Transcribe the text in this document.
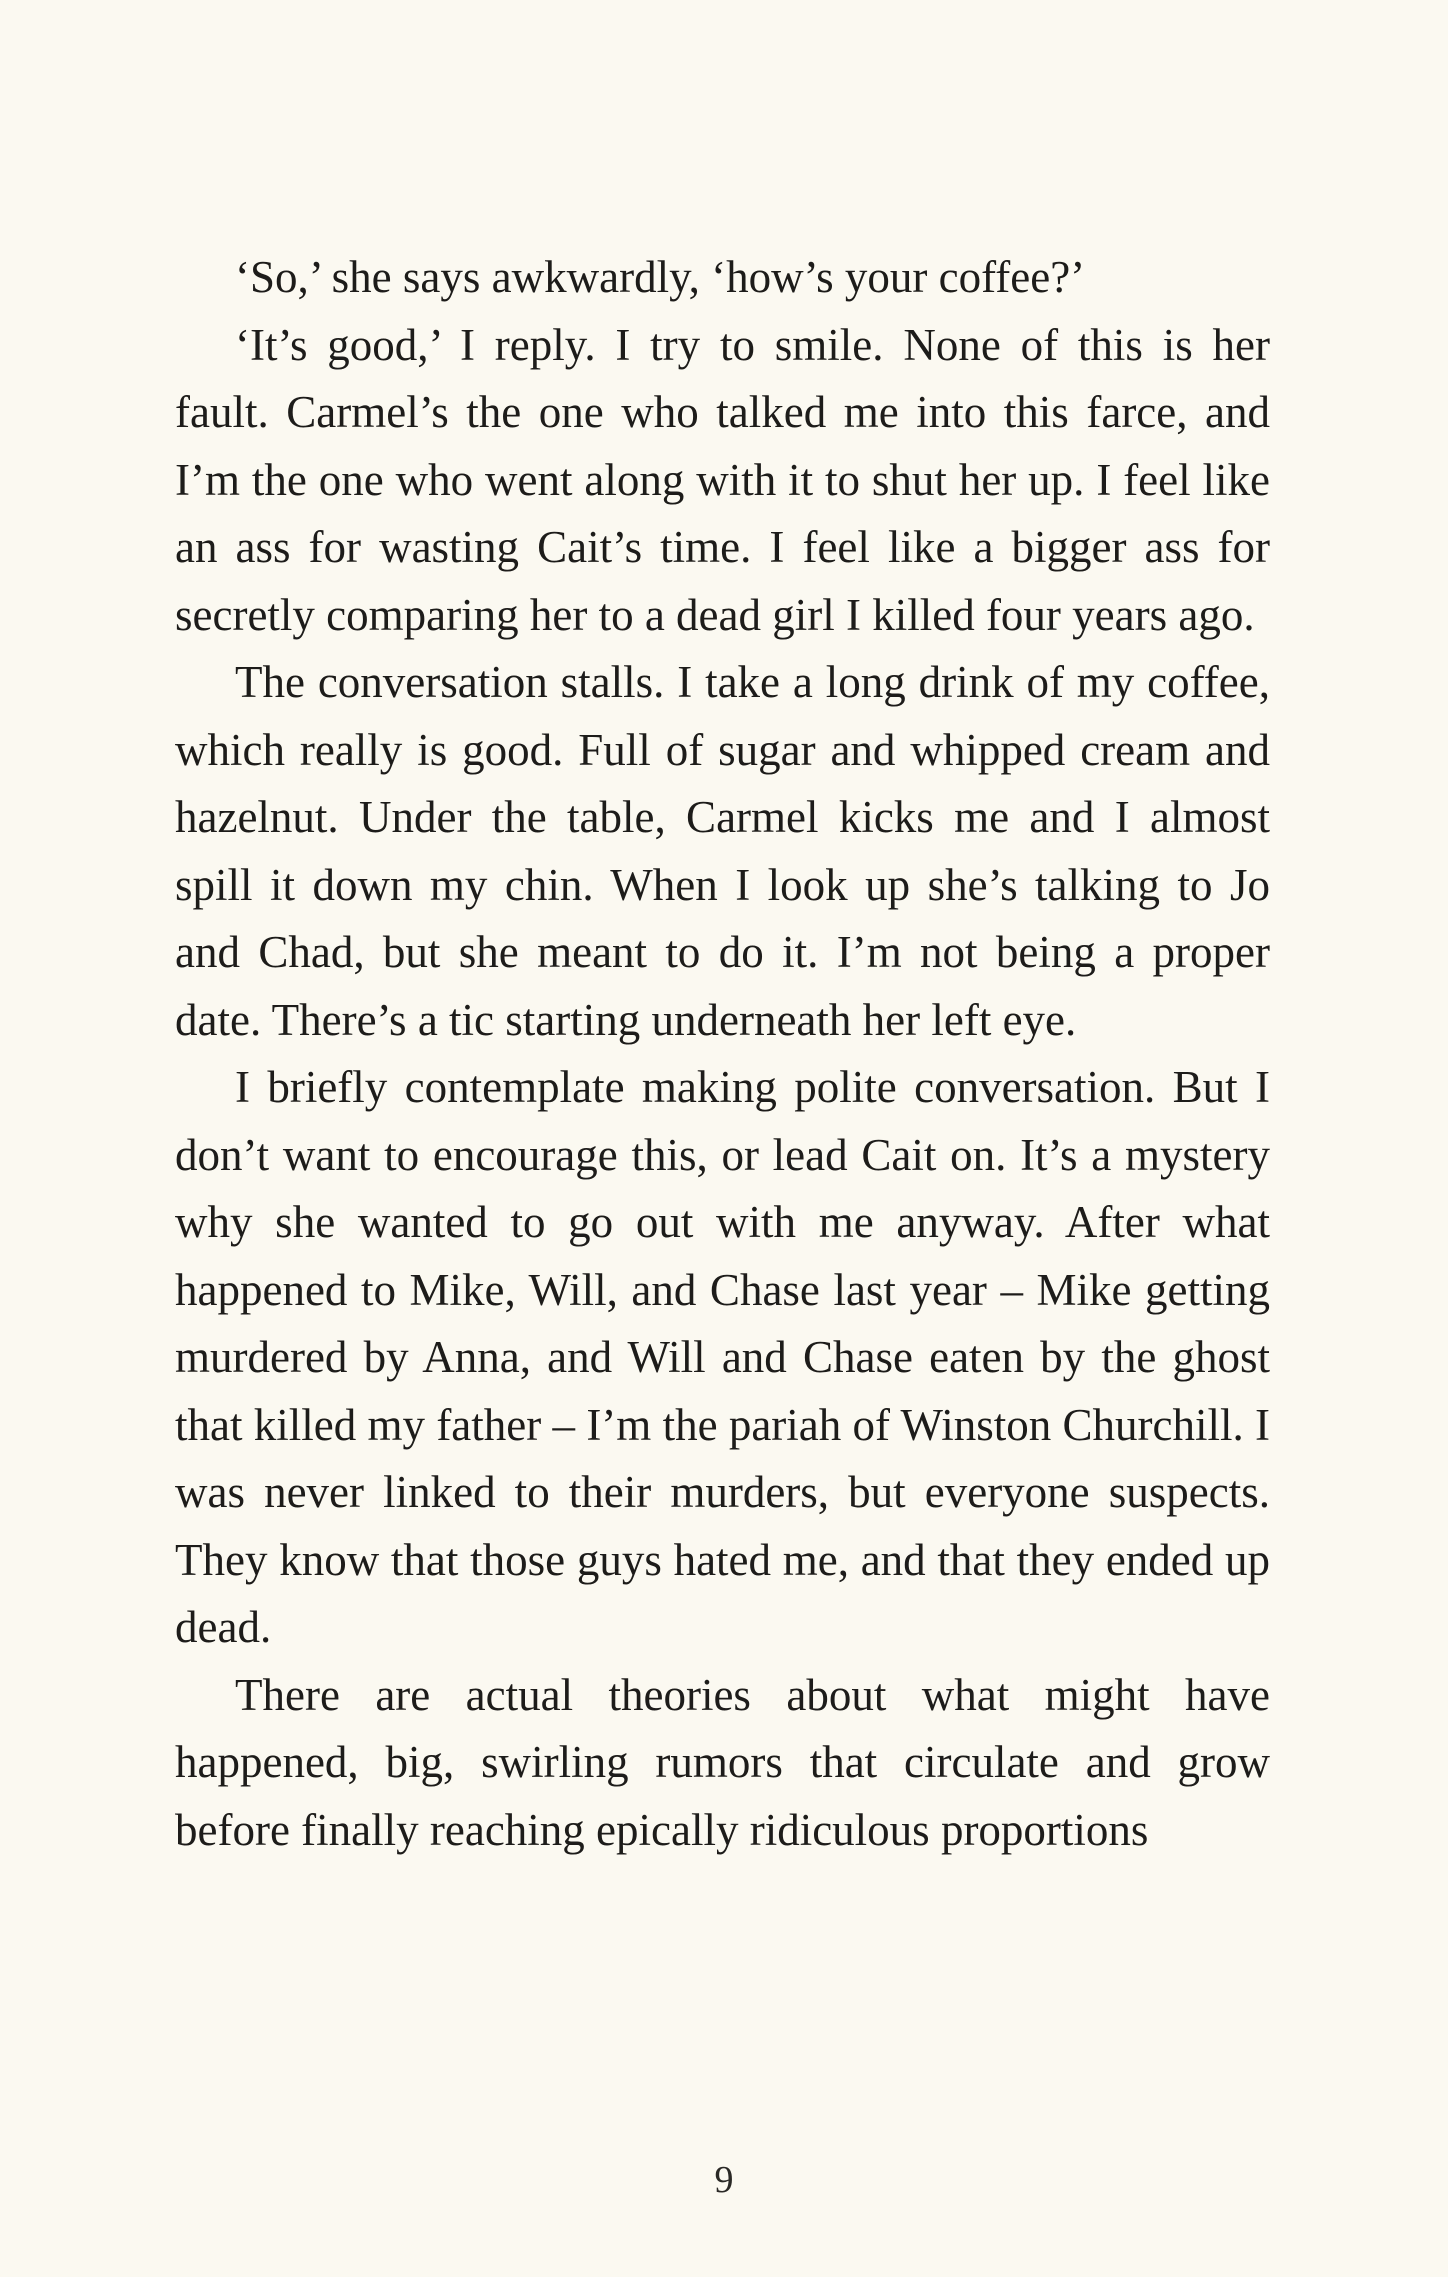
‘So,’ she says awkwardly, ‘how’s your coffee?’

‘It’s good,’ I reply. I try to smile. None of this is her fault. Carmel’s the one who talked me into this farce, and I’m the one who went along with it to shut her up. I feel like an ass for wasting Cait’s time. I feel like a bigger ass for secretly comparing her to a dead girl I killed four years ago.

The conversation stalls. I take a long drink of my coffee, which really is good. Full of sugar and whipped cream and hazelnut. Under the table, Carmel kicks me and I almost spill it down my chin. When I look up she’s talking to Jo and Chad, but she meant to do it. I’m not being a proper date. There’s a tic starting underneath her left eye.

I briefly contemplate making polite conversation. But I don’t want to encourage this, or lead Cait on. It’s a mystery why she wanted to go out with me anyway. After what happened to Mike, Will, and Chase last year – Mike getting murdered by Anna, and Will and Chase eaten by the ghost that killed my father – I’m the pariah of Winston Churchill. I was never linked to their murders, but everyone suspects. They know that those guys hated me, and that they ended up dead.

There are actual theories about what might have happened, big, swirling rumors that circulate and grow before finally reaching epically ridiculous proportions

9
